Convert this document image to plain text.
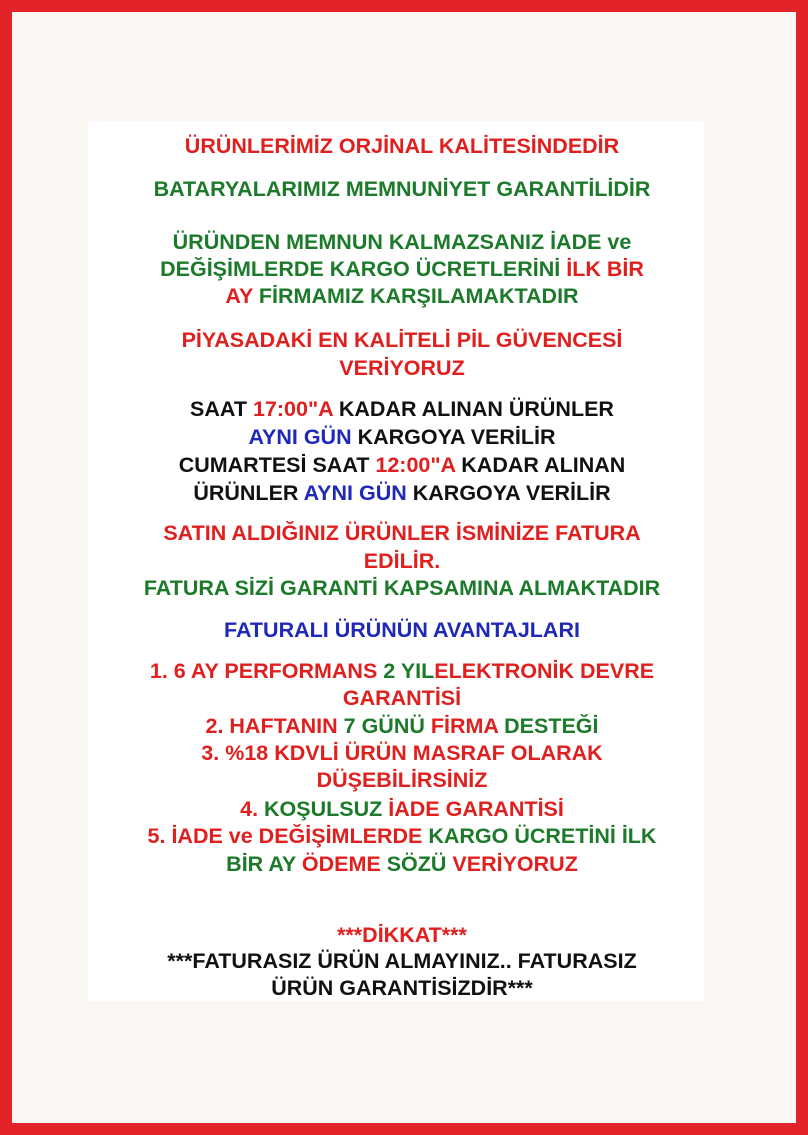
ÜRÜNLERİMİZ ORJİNAL KALİTESİNDEDİR
BATARYALARIMIZ MEMNUNİYET GARANTİLİDİR
ÜRÜNDEN MEMNUN KALMAZSANIZ İADE ve
DEĞİŞİMLERDE KARGO ÜCRETLERİNİ İLK BİR
AY FİRMAMIZ KARŞILAMAKTADIR
PİYASADAKİ EN KALİTELİ PİL GÜVENCESİ
VERİYORUZ
SAAT 17:00"A KADAR ALINAN ÜRÜNLER
AYNI GÜN KARGOYA VERİLİR
CUMARTESİ SAAT 12:00"A KADAR ALINAN
ÜRÜNLER AYNI GÜN KARGOYA VERİLİR
SATIN ALDIĞINIZ ÜRÜNLER İSMİNİZE FATURA
EDİLİR.
FATURA SİZİ GARANTİ KAPSAMINA ALMAKTADIR
FATURALI ÜRÜNÜN AVANTAJLARI
1. 6 AY PERFORMANS 2 YILELEKTRONİK DEVRE
GARANTİSİ
2. HAFTANIN 7 GÜNÜ FİRMA DESTEĞİ
3. %18 KDVLİ ÜRÜN MASRAF OLARAK
DÜŞEBİLİRSİNİZ
4. KOŞULSUZ İADE GARANTİSİ
5. İADE ve DEĞİŞİMLERDE KARGO ÜCRETİNİ İLK
BİR AY ÖDEME SÖZÜ VERİYORUZ
***DİKKAT***
***FATURASIZ ÜRÜN ALMAYINIZ.. FATURASIZ
ÜRÜN GARANTİSİZDİR***
